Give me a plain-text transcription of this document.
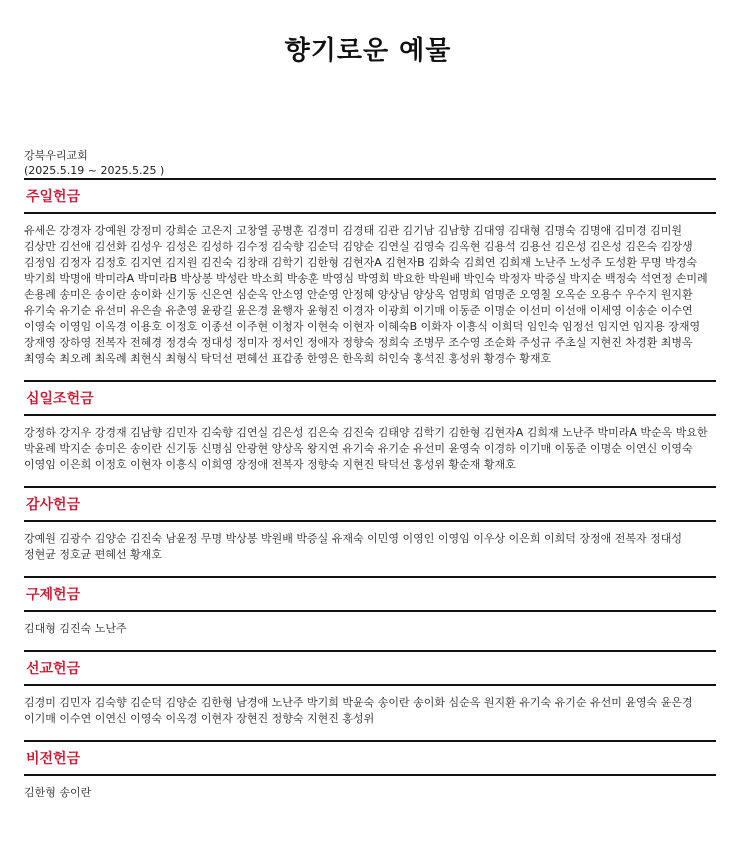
향기로운 예물
강북우리교회
(2025.5.19 ~ 2025.5.25 )
주일헌금
유세은 강경자 강예원 강정미 강희순 고은지 고창열 공병훈 김경미 김경태 김관 김기남 김남향 김대영 김대형 김명숙 김명애 김미경 김미원 김상만 김선애 김선화 김성우 김성은 김성하 김수정 김숙향 김순덕 김양순 김연실 김영숙 김옥현 김용석 김용선 김은성 김은성 김은숙 김장생 김정임 김정자 김정호 김지연 김지원 김진숙 김창래 김학기 김한형 김현자A 김현자B 김화숙 김희연 김희재 노난주 노성주 도성환 무명 박경숙 박기희 박명애 박미라A 박미라B 박상봉 박성란 박소희 박송훈 박영심 박영희 박요한 박원배 박인숙 박정자 박증실 박지순 백정숙 석연정 손미례 손용례 송미은 송이란 송이화 신기동 신은연 심순옥 안소영 안순영 안정혜 양상님 양상옥 엄명희 엄명준 오영칠 오옥순 오용수 우수지 원지환 유기숙 유기순 유선미 유은솔 유춘영 윤광길 윤은경 윤행자 윤형진 이경자 이광희 이기매 이동준 이명순 이선미 이선애 이세영 이송순 이수연 이영숙 이영임 이옥경 이용호 이정호 이종선 이주현 이청자 이현숙 이현자 이혜숙B 이화자 이흥식 이희덕 임인숙 임정선 임지연 임지용 장재영 장재영 장하영 전복자 전혜경 정경숙 정대성 정미자 정서인 정애자 정향숙 정희숙 조병무 조수영 조순화 주성규 주초실 지현진 차경환 최병옥 최영숙 최오례 최옥례 최현식 최형식 탁덕선 편혜선 표갑종 한영은 한옥희 허인숙 홍석진 홍성위 황경수 황재호
십일조헌금
강정하 강지우 강경재 김남향 김민자 김숙향 김연실 김은성 김은숙 김진숙 김태양 김학기 김한형 김현자A 김희재 노난주 박미라A 박순옥 박요한 박윤례 박지순 송미은 송이란 신기동 신명심 안광현 양상옥 왕지연 유기숙 유기순 유선미 윤영숙 이경하 이기매 이동준 이명순 이연신 이영숙 이영임 이은희 이정호 이현자 이흥식 이희영 장정애 전복자 정향숙 지현진 탁덕선 홍성위 황순재 황재호
감사헌금
강예원 김광수 김양순 김진숙 남윤정 무명 박상봉 박원배 박증실 유재숙 이민영 이영인 이영임 이우상 이은희 이희덕 장정애 전복자 정대성 정현균 정호균 편혜선 황재호
구제헌금
김대형 김진숙 노난주
선교헌금
김경미 김민자 김숙향 김순덕 김양순 김한형 남경애 노난주 박기희 박윤숙 송이란 송이화 심순옥 원지환 유기숙 유기순 유선미 윤영숙 윤은경 이기매 이수연 이연신 이영숙 이옥경 이현자 장현진 정향숙 지현진 홍성위
비전헌금
김한형 송이란
